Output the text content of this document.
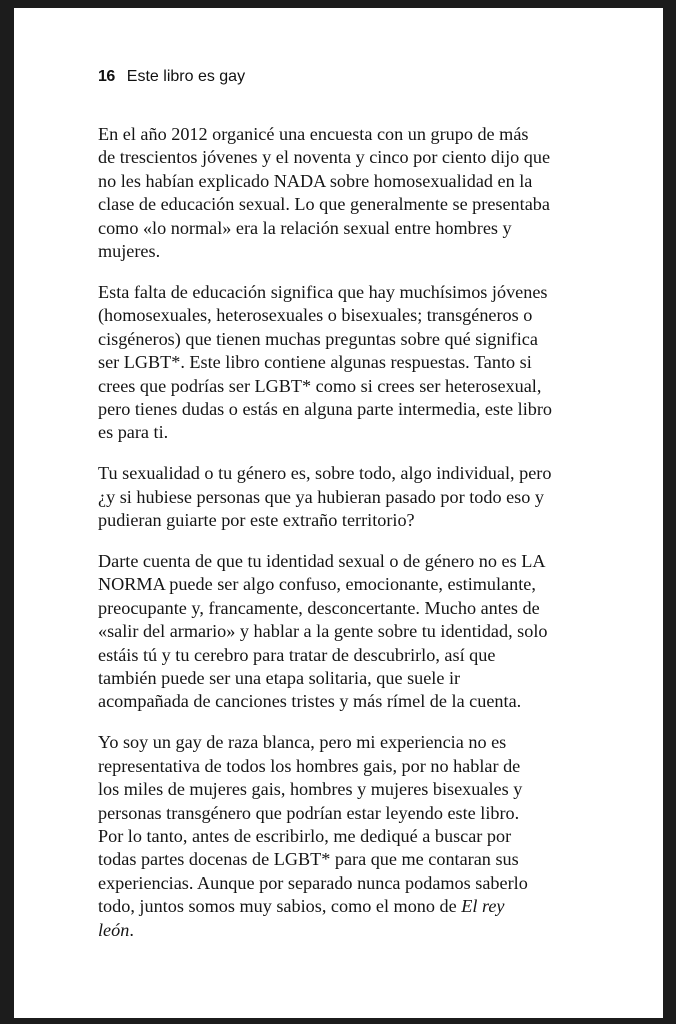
16 Este libro es gay

En el año 2012 organicé una encuesta con un grupo de más
de trescientos jóvenes y el noventa y cinco por ciento dijo que
no les habían explicado NADA sobre homosexualidad en la
clase de educación sexual. Lo que generalmente se presentaba
como «lo normal» era la relación sexual entre hombres y
mujeres.

Esta falta de educación significa que hay muchísimos jóvenes
(homosexuales, heterosexuales o bisexuales; transgéneros o
cisgéneros) que tienen muchas preguntas sobre qué significa
ser LGBT*. Este libro contiene algunas respuestas. Tanto si
crees que podrías ser LGBT* como si crees ser heterosexual,
pero tienes dudas o estás en alguna parte intermedia, este libro
es para ti.

Tu sexualidad o tu género es, sobre todo, algo individual, pero
¿y si hubiese personas que ya hubieran pasado por todo eso y
pudieran guiarte por este extraño territorio?

Darte cuenta de que tu identidad sexual o de género no es LA
NORMA puede ser algo confuso, emocionante, estimulante,
preocupante y, francamente, desconcertante. Mucho antes de
«salir del armario» y hablar a la gente sobre tu identidad, solo
estáis tú y tu cerebro para tratar de descubrirlo, así que
también puede ser una etapa solitaria, que suele ir
acompañada de canciones tristes y más rímel de la cuenta.

Yo soy un gay de raza blanca, pero mi experiencia no es
representativa de todos los hombres gais, por no hablar de
los miles de mujeres gais, hombres y mujeres bisexuales y
personas transgénero que podrían estar leyendo este libro.
Por lo tanto, antes de escribirlo, me dediqué a buscar por
todas partes docenas de LGBT* para que me contaran sus
experiencias. Aunque por separado nunca podamos saberlo
todo, juntos somos muy sabios, como el mono de El rey
león.
